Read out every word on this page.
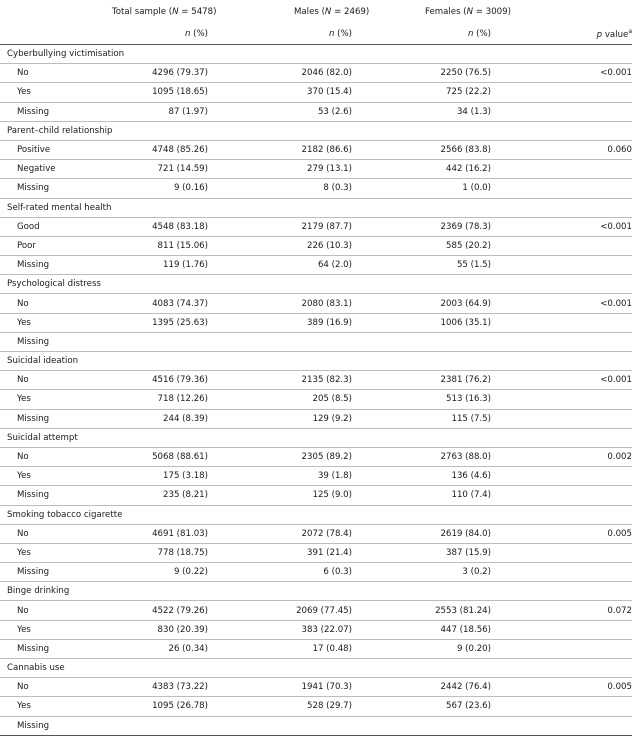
	Total sample (N = 5478)	Males (N = 2469)	Females (N = 3009)	
	n (%)	n (%)	n (%)	p value$^a$
Cyberbullying victimisation				
No	4296 (79.37)	2046 (82.0)	2250 (76.5)	<0.001
Yes	1095 (18.65)	370 (15.4)	725 (22.2)	
Missing	87 (1.97)	53 (2.6)	34 (1.3)	
Parent–child relationship				
Positive	4748 (85.26)	2182 (86.6)	2566 (83.8)	0.060
Negative	721 (14.59)	279 (13.1)	442 (16.2)	
Missing	9 (0.16)	8 (0.3)	1 (0.0)	
Self-rated mental health				
Good	4548 (83.18)	2179 (87.7)	2369 (78.3)	<0.001
Poor	811 (15.06)	226 (10.3)	585 (20.2)	
Missing	119 (1.76)	64 (2.0)	55 (1.5)	
Psychological distress				
No	4083 (74.37)	2080 (83.1)	2003 (64.9)	<0.001
Yes	1395 (25.63)	389 (16.9)	1006 (35.1)	
Missing				
Suicidal ideation				
No	4516 (79.36)	2135 (82.3)	2381 (76.2)	<0.001
Yes	718 (12.26)	205 (8.5)	513 (16.3)	
Missing	244 (8.39)	129 (9.2)	115 (7.5)	
Suicidal attempt				
No	5068 (88.61)	2305 (89.2)	2763 (88.0)	0.002
Yes	175 (3.18)	39 (1.8)	136 (4.6)	
Missing	235 (8.21)	125 (9.0)	110 (7.4)	
Smoking tobacco cigarette				
No	4691 (81.03)	2072 (78.4)	2619 (84.0)	0.005
Yes	778 (18.75)	391 (21.4)	387 (15.9)	
Missing	9 (0.22)	6 (0.3)	3 (0.2)	
Binge drinking				
No	4522 (79.26)	2069 (77.45)	2553 (81.24)	0.072
Yes	830 (20.39)	383 (22.07)	447 (18.56)	
Missing	26 (0.34)	17 (0.48)	9 (0.20)	
Cannabis use				
No	4383 (73.22)	1941 (70.3)	2442 (76.4)	0.005
Yes	1095 (26.78)	528 (29.7)	567 (23.6)	
Missing				
